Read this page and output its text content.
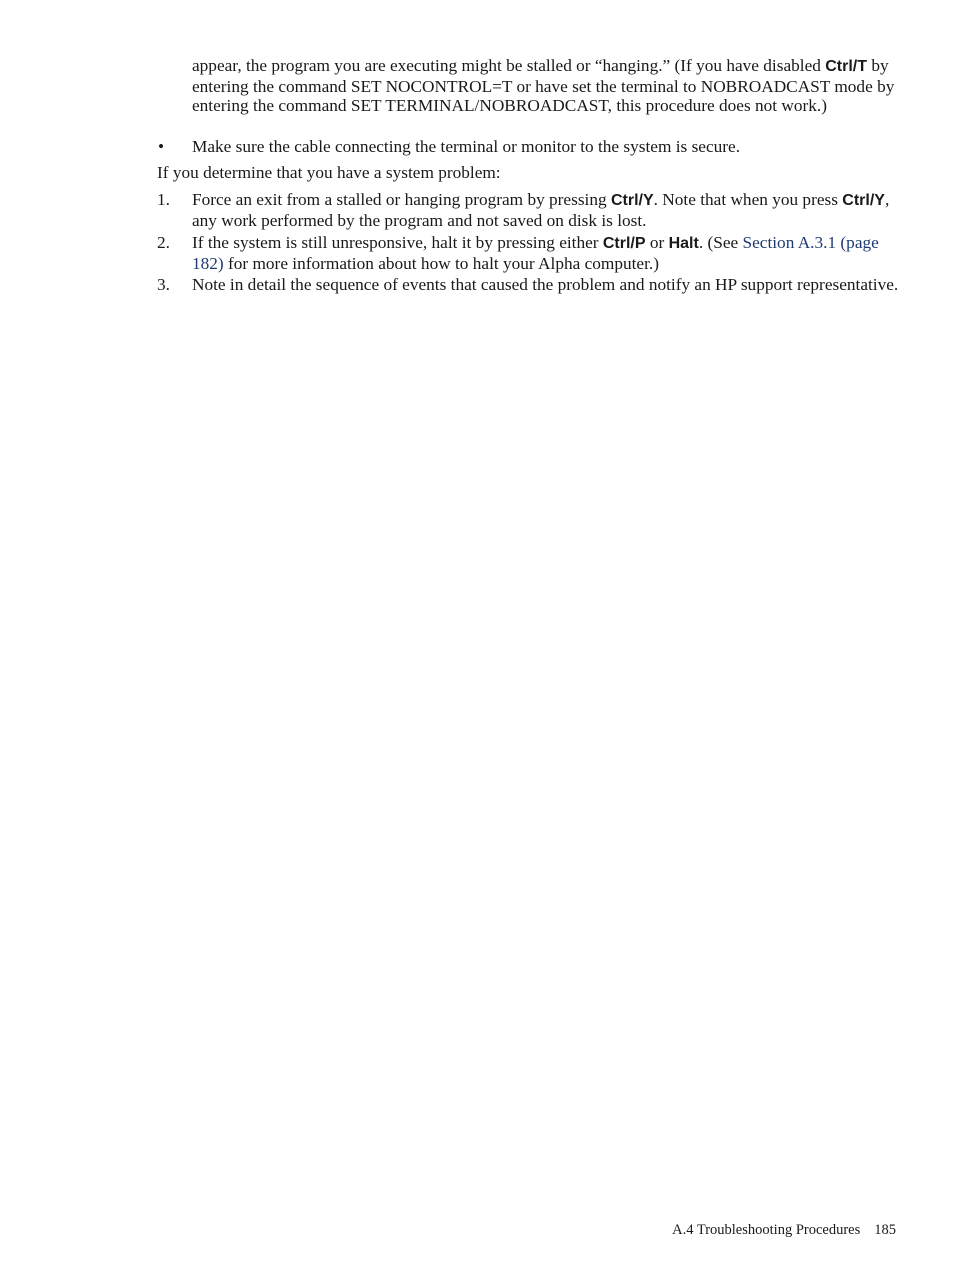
appear, the program you are executing might be stalled or “hanging.” (If you have disabled Ctrl/T by entering the command SET NOCONTROL=T or have set the terminal to NOBROADCAST mode by entering the command SET TERMINAL/NOBROADCAST, this procedure does not work.)

• Make sure the cable connecting the terminal or monitor to the system is secure.

If you determine that you have a system problem:

1. Force an exit from a stalled or hanging program by pressing Ctrl/Y. Note that when you press Ctrl/Y, any work performed by the program and not saved on disk is lost.

2. If the system is still unresponsive, halt it by pressing either Ctrl/P or Halt. (See Section A.3.1 (page 182) for more information about how to halt your Alpha computer.)

3. Note in detail the sequence of events that caused the problem and notify an HP support representative.

A.4 Troubleshooting Procedures 185
